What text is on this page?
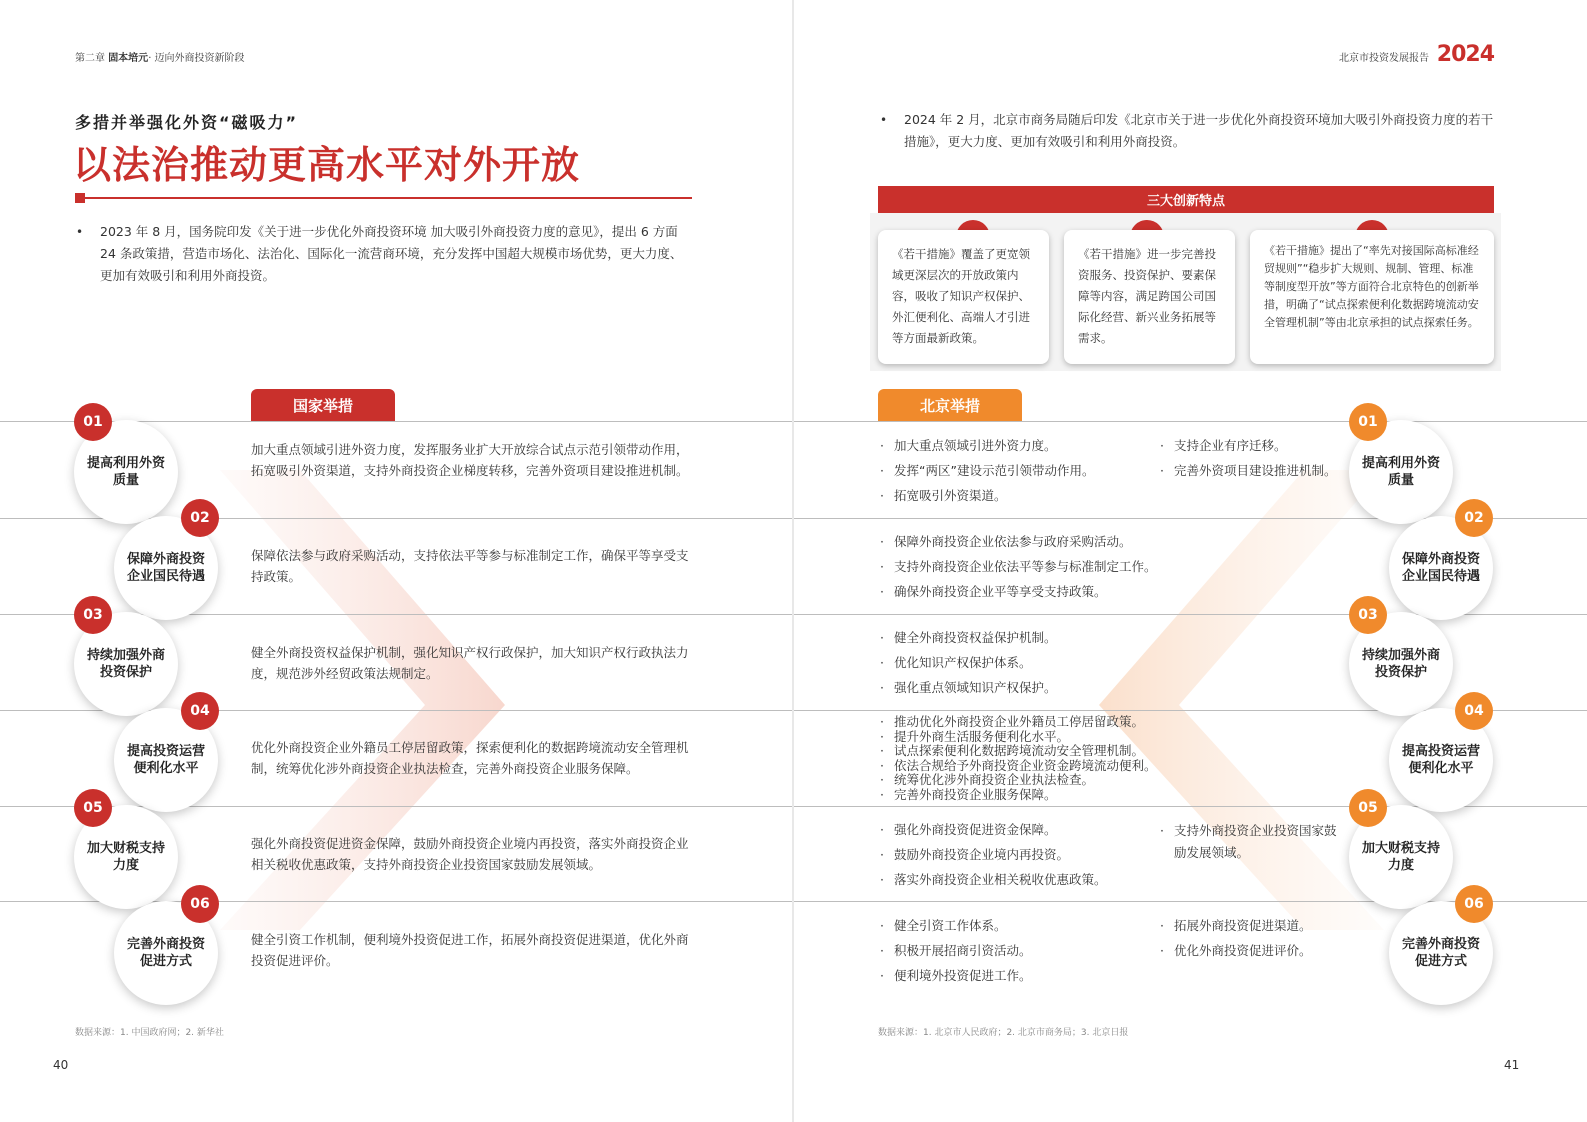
第二章 固本培元· 迈向外商投资新阶段
多措并举强化外资“磁吸力”
以法治推动更高水平对外开放
• 2023 年 8 月，国务院印发《关于进一步优化外商投资环境 加大吸引外商投资力度的意见》，提出 6 方面 24 条政策措，营造市场化、法治化、国际化一流营商环境，充分发挥中国超大规模市场优势，更大力度、更加有效吸引和利用外商投资。
国家举措
提高利用外资质量
01
保障外商投资企业国民待遇
02
持续加强外商投资保护
03
提高投资运营便利化水平
04
加大财税支持力度
05
完善外商投资促进方式
06
加大重点领域引进外资力度，发挥服务业扩大开放综合试点示范引领带动作用，拓宽吸引外资渠道，支持外商投资企业梯度转移，完善外资项目建设推进机制。
保障依法参与政府采购活动，支持依法平等参与标准制定工作，确保平等享受支持政策。
健全外商投资权益保护机制，强化知识产权行政保护，加大知识产权行政执法力度，规范涉外经贸政策法规制定。
优化外商投资企业外籍员工停居留政策，探索便利化的数据跨境流动安全管理机制，统筹优化涉外商投资企业执法检查，完善外商投资企业服务保障。
强化外商投资促进资金保障，鼓励外商投资企业境内再投资，落实外商投资企业相关税收优惠政策，支持外商投资企业投资国家鼓励发展领域。
健全引资工作机制，便利境外投资促进工作，拓展外商投资促进渠道，优化外商投资促进评价。
数据来源：1. 中国政府网；2. 新华社
40
北京市投资发展报告 2024
• 2024 年 2 月，北京市商务局随后印发《北京市关于进一步优化外商投资环境加大吸引外商投资力度的若干措施》，更大力度、更加有效吸引和利用外商投资。
三大创新特点
《若干措施》覆盖了更宽领域更深层次的开放政策内容，吸收了知识产权保护、外汇便利化、高端人才引进等方面最新政策。
《若干措施》进一步完善投资服务、投资保护、要素保障等内容，满足跨国公司国际化经营、新兴业务拓展等需求。
《若干措施》提出了“率先对接国际高标准经贸规则”“稳步扩大规则、规制、管理、标准等制度型开放”等方面符合北京特色的创新举措，明确了“试点探索便利化数据跨境流动安全管理机制”等由北京承担的试点探索任务。
北京举措
· 加大重点领域引进外资力度。
· 发挥“两区”建设示范引领带动作用。
· 拓宽吸引外资渠道。
· 支持企业有序迁移。
· 完善外资项目建设推进机制。
· 保障外商投资企业依法参与政府采购活动。
· 支持外商投资企业依法平等参与标准制定工作。
· 确保外商投资企业平等享受支持政策。
· 健全外商投资权益保护机制。
· 优化知识产权保护体系。
· 强化重点领域知识产权保护。
· 推动优化外商投资企业外籍员工停居留政策。
· 提升外商生活服务便利化水平。
· 试点探索便利化数据跨境流动安全管理机制。
· 依法合规给予外商投资企业资金跨境流动便利。
· 统筹优化涉外商投资企业执法检查。
· 完善外商投资企业服务保障。
· 强化外商投资促进资金保障。
· 鼓励外商投资企业境内再投资。
· 落实外商投资企业相关税收优惠政策。
· 支持外商投资企业投资国家鼓励发展领域。
· 健全引资工作体系。
· 积极开展招商引资活动。
· 便利境外投资促进工作。
· 拓展外商投资促进渠道。
· 优化外商投资促进评价。
提高利用外资质量
01
保障外商投资企业国民待遇
02
持续加强外商投资保护
03
提高投资运营便利化水平
04
加大财税支持力度
05
完善外商投资促进方式
06
数据来源：1. 北京市人民政府；2. 北京市商务局；3. 北京日报
41
